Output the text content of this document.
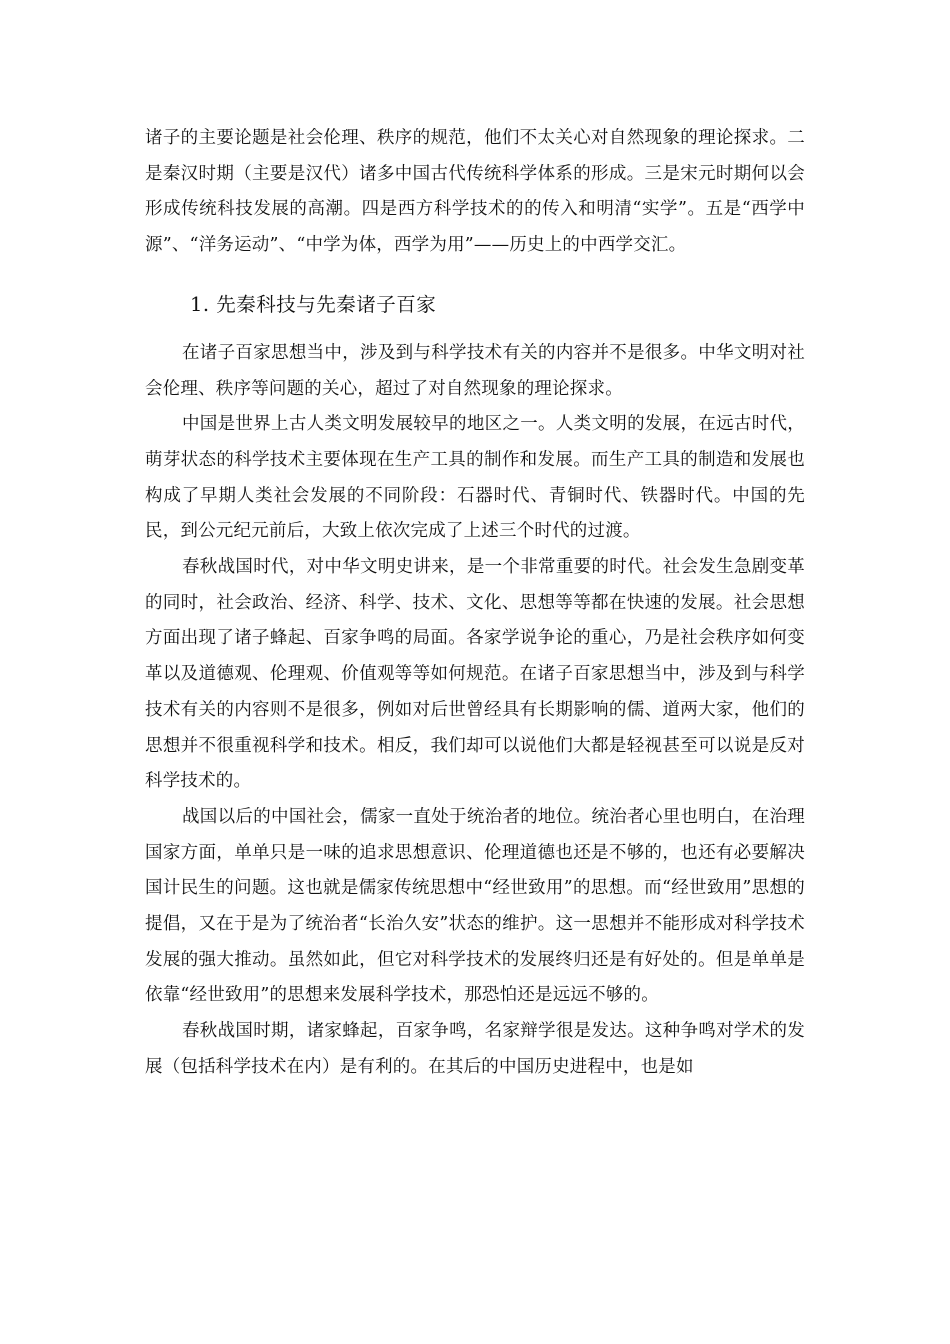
诸子的主要论题是社会伦理、秩序的规范，他们不太关心对自然现象的理论探求。二是秦汉时期（主要是汉代）诸多中国古代传统科学体系的形成。三是宋元时期何以会形成传统科技发展的高潮。四是西方科学技术的的传入和明清“实学”。五是“西学中源”、“洋务运动”、“中学为体，西学为用”——历史上的中西学交汇。

1. 先秦科技与先秦诸子百家

在诸子百家思想当中，涉及到与科学技术有关的内容并不是很多。中华文明对社会伦理、秩序等问题的关心，超过了对自然现象的理论探求。

中国是世界上古人类文明发展较早的地区之一。人类文明的发展，在远古时代，萌芽状态的科学技术主要体现在生产工具的制作和发展。而生产工具的制造和发展也构成了早期人类社会发展的不同阶段：石器时代、青铜时代、铁器时代。中国的先民，到公元纪元前后，大致上依次完成了上述三个时代的过渡。

春秋战国时代，对中华文明史讲来，是一个非常重要的时代。社会发生急剧变革的同时，社会政治、经济、科学、技术、文化、思想等等都在快速的发展。社会思想方面出现了诸子蜂起、百家争鸣的局面。各家学说争论的重心，乃是社会秩序如何变革以及道德观、伦理观、价值观等等如何规范。在诸子百家思想当中，涉及到与科学技术有关的内容则不是很多，例如对后世曾经具有长期影响的儒、道两大家，他们的思想并不很重视科学和技术。相反，我们却可以说他们大都是轻视甚至可以说是反对科学技术的。

战国以后的中国社会，儒家一直处于统治者的地位。统治者心里也明白，在治理国家方面，单单只是一味的追求思想意识、伦理道德也还是不够的，也还有必要解决国计民生的问题。这也就是儒家传统思想中“经世致用”的思想。而“经世致用”思想的提倡，又在于是为了统治者“长治久安”状态的维护。这一思想并不能形成对科学技术发展的强大推动。虽然如此，但它对科学技术的发展终归还是有好处的。但是单单是依靠“经世致用”的思想来发展科学技术，那恐怕还是远远不够的。

春秋战国时期，诸家蜂起，百家争鸣，名家辩学很是发达。这种争鸣对学术的发展（包括科学技术在内）是有利的。在其后的中国历史进程中，也是如
